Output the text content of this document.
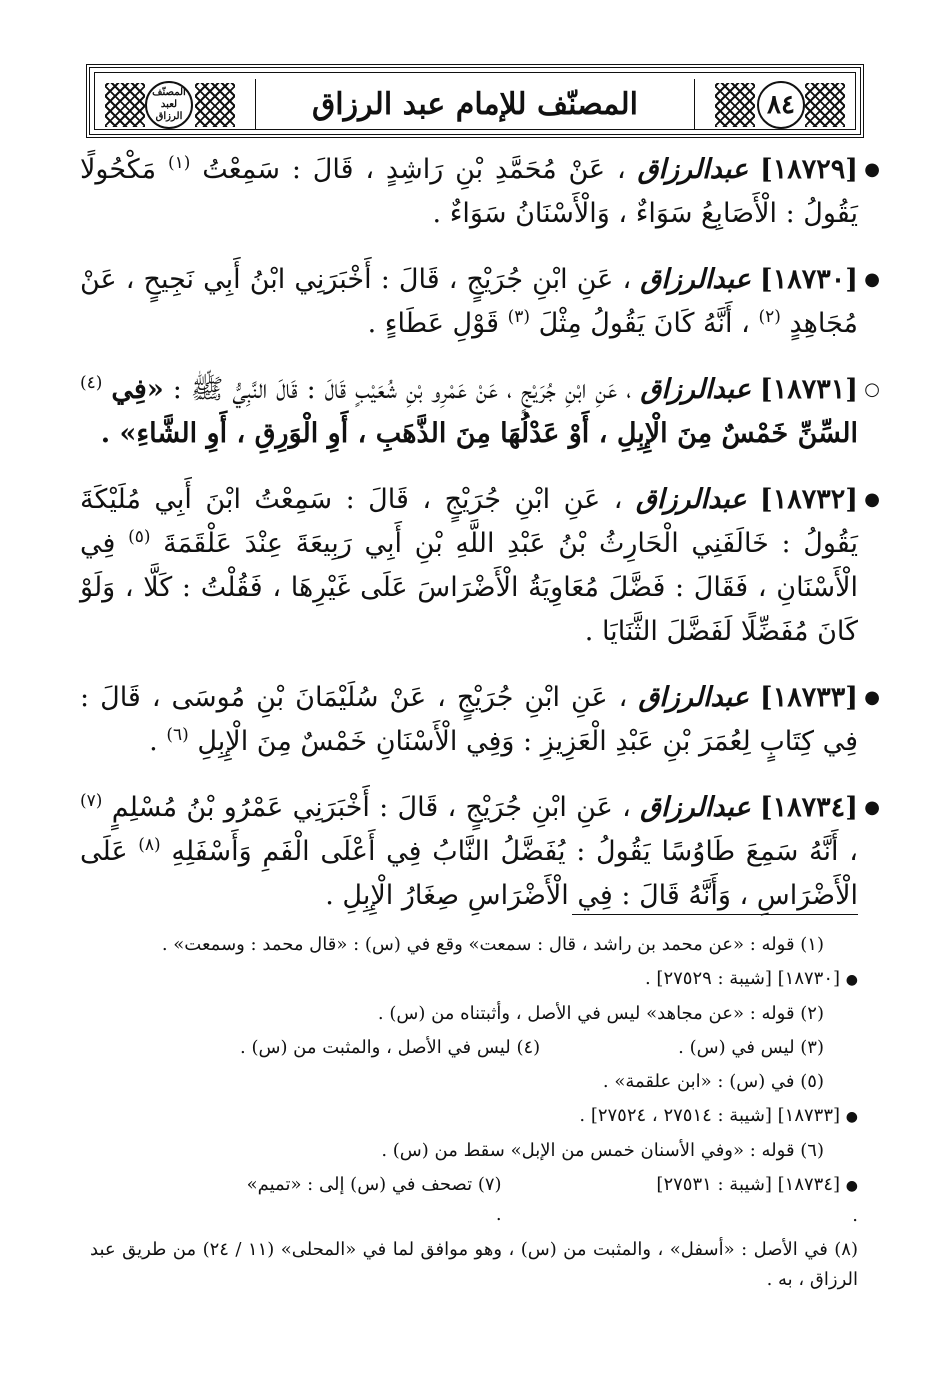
٨٤
المصنّف للإمام عبد الرزاق
المصنّف لعبد الرزاق
●
[١٨٧٢٩] عبدالرزاق ، عَنْ مُحَمَّدِ بْنِ رَاشِدٍ ، قَالَ : سَمِعْتُ $^{(١)}$ مَكْحُولًا يَقُولُ : الْأَصَابِعُ سَوَاءٌ ، وَالْأَسْنَانُ سَوَاءٌ .
●
[١٨٧٣٠] عبدالرزاق ، عَنِ ابْنِ جُرَيْجٍ ، قَالَ : أَخْبَرَنِي ابْنُ أَبِي نَجِيحٍ ، عَنْ مُجَاهِدٍ $^{(٢)}$ ، أَنَّهُ كَانَ يَقُولُ مِثْلَ $^{(٣)}$ قَوْلِ عَطَاءٍ .
○
[١٨٧٣١] عبدالرزاق ، عَنِ ابْنِ جُرَيْجٍ ، عَنْ عَمْرِو بْنِ شُعَيْبٍ قَالَ : قَالَ النَّبِيُّ ﷺ : «فِي $^{(٤)}$ السِّنِّ خَمْسٌ مِنَ الْإِبِلِ ، أَوْ عَدْلُهَا مِنَ الذَّهَبِ ، أَوِ الْوَرِقِ ، أَوِ الشَّاءِ» .
●
[١٨٧٣٢] عبدالرزاق ، عَنِ ابْنِ جُرَيْجٍ ، قَالَ : سَمِعْتُ ابْنَ أَبِي مُلَيْكَةَ يَقُولُ : خَالَفَنِي الْحَارِثُ بْنُ عَبْدِ اللَّهِ بْنِ أَبِي رَبِيعَةَ عِنْدَ عَلْقَمَةَ $^{(٥)}$ فِي الْأَسْنَانِ ، فَقَالَ : فَضَّلَ مُعَاوِيَةُ الْأَضْرَاسَ عَلَى غَيْرِهَا ، فَقُلْتُ : كَلَّا ، وَلَوْ كَانَ مُفَضِّلًا لَفَضَّلَ الثَّنَايَا .
●
[١٨٧٣٣] عبدالرزاق ، عَنِ ابْنِ جُرَيْجٍ ، عَنْ سُلَيْمَانَ بْنِ مُوسَى ، قَالَ : فِي كِتَابٍ لِعُمَرَ بْنِ عَبْدِ الْعَزِيزِ : وَفِي الْأَسْنَانِ خَمْسٌ مِنَ الْإِبِلِ $^{(٦)}$ .
●
[١٨٧٣٤] عبدالرزاق ، عَنِ ابْنِ جُرَيْجٍ ، قَالَ : أَخْبَرَنِي عَمْرُو بْنُ مُسْلِمٍ $^{(٧)}$ ، أَنَّهُ سَمِعَ طَاوُسًا يَقُولُ : يُفَضَّلُ النَّابُ فِي أَعْلَى الْفَمِ وَأَسْفَلِهِ $^{(٨)}$ عَلَى الْأَضْرَاسِ ، وَأَنَّهُ قَالَ : فِي الْأَضْرَاسِ صِغَارُ الْإِبِلِ .
(١) قوله : «عن محمد بن راشد ، قال : سمعت» وقع في (س) : «قال محمد : وسمعت» .
● [١٨٧٣٠] [شيبة : ٢٧٥٢٩] .
(٢) قوله : «عن مجاهد» ليس في الأصل ، وأثبتناه من (س) .
(٣) ليس في (س) .
(٤) ليس في الأصل ، والمثبت من (س) .
(٥) في (س) : «ابن علقمة» .
● [١٨٧٣٣] [شيبة : ٢٧٥١٤ ، ٢٧٥٢٤] .
(٦) قوله : «وفي الأسنان خمس من الإبل» سقط من (س) .
● [١٨٧٣٤] [شيبة : ٢٧٥٣١] .
(٧) تصحف في (س) إلى : «تميم» .
(٨) في الأصل : «أسفل» ، والمثبت من (س) ، وهو موافق لما في «المحلى» (١١ / ٢٤) من طريق عبد الرزاق ، به .
